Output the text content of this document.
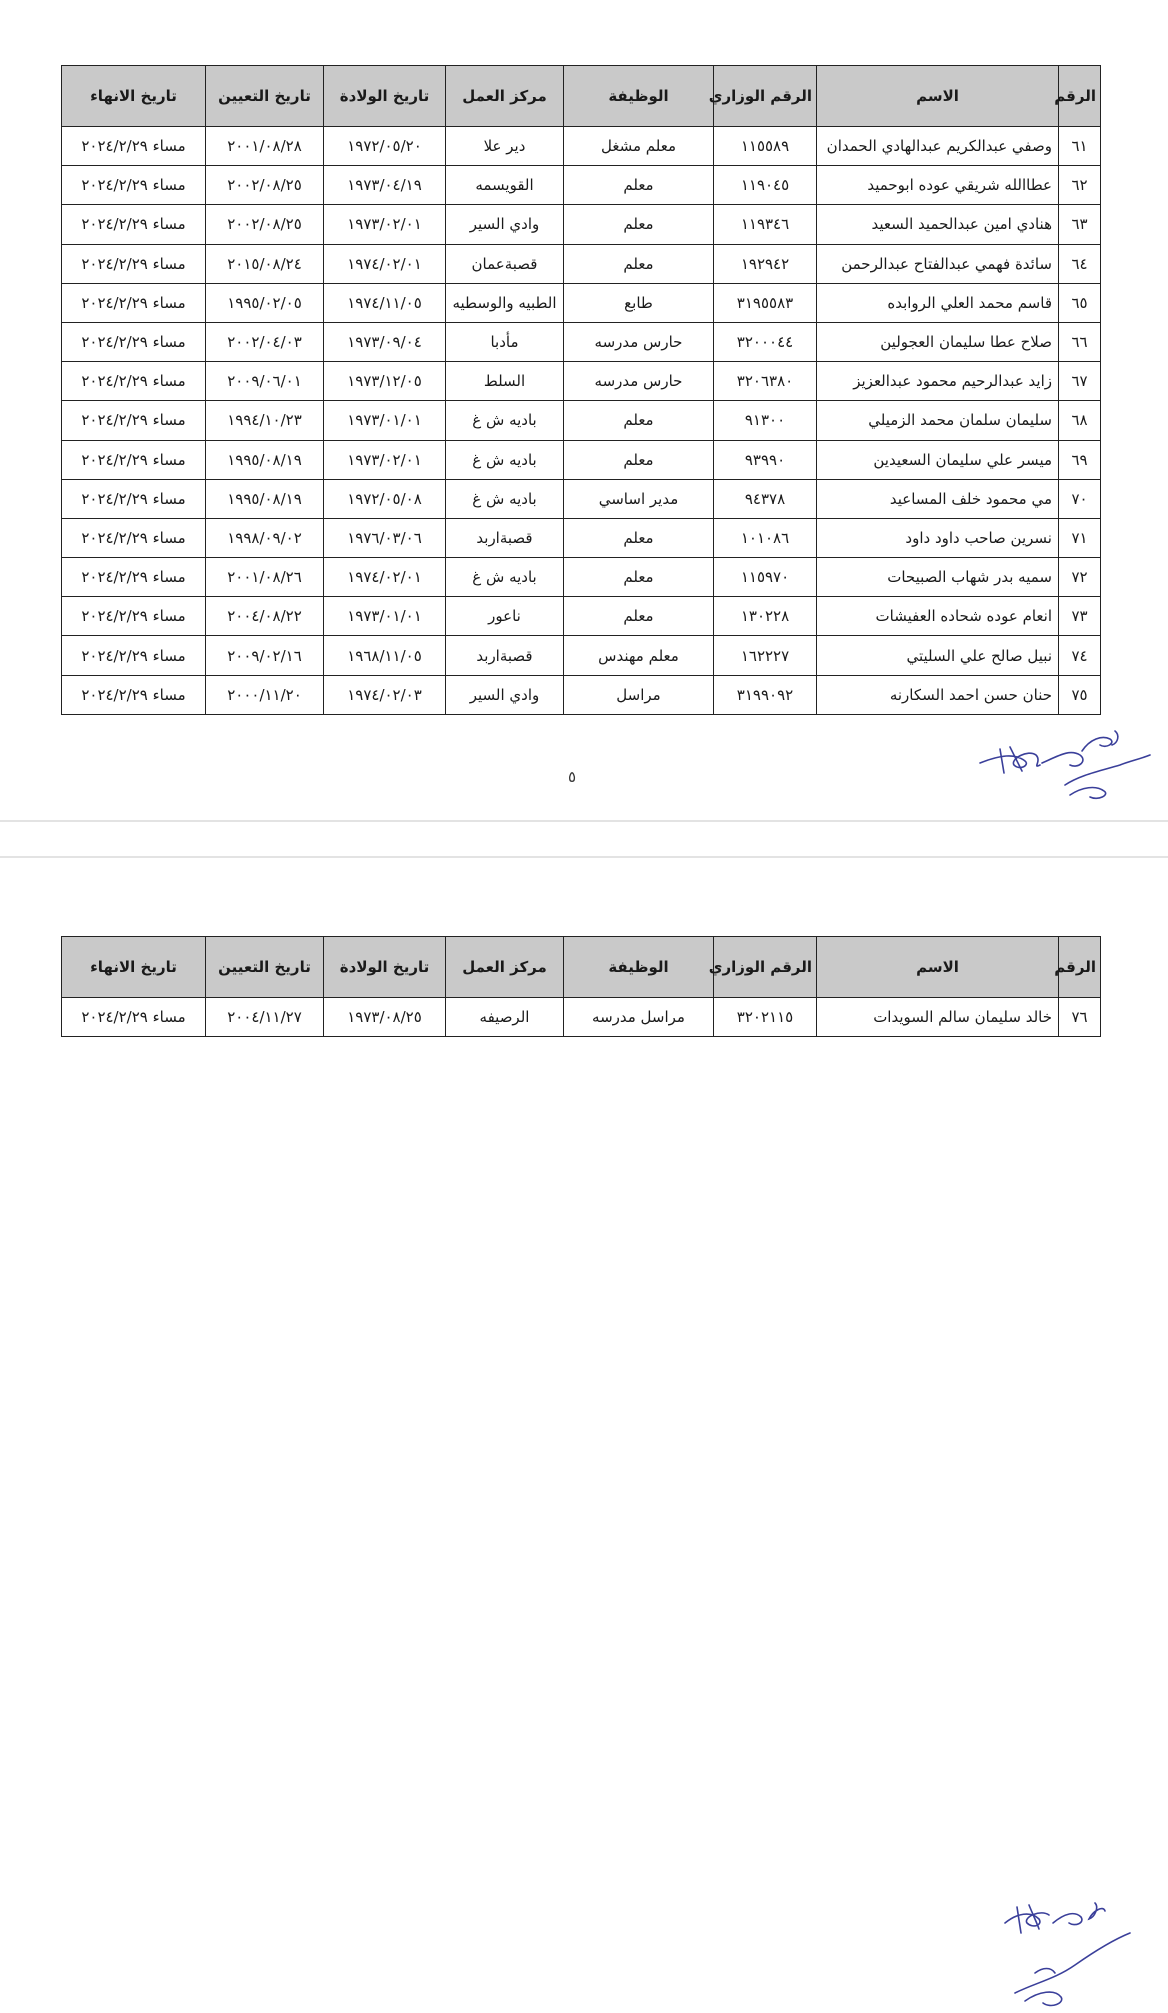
الرقم	الاسم	الرقم الوزاري	الوظيفة	مركز العمل	تاريخ الولادة	تاريخ التعيين	تاريخ الانهاء
٦١	وصفي عبدالكريم عبدالهادي الحمدان	١١٥٥٨٩	معلم مشغل	دير علا	١٩٧٢/٠٥/٢٠	٢٠٠١/٠٨/٢٨	مساء ٢٠٢٤/٢/٢٩
٦٢	عطاالله شريقي عوده ابوحميد	١١٩٠٤٥	معلم	القويسمه	١٩٧٣/٠٤/١٩	٢٠٠٢/٠٨/٢٥	مساء ٢٠٢٤/٢/٢٩
٦٣	هنادي امين عبدالحميد السعيد	١١٩٣٤٦	معلم	وادي السير	١٩٧٣/٠٢/٠١	٢٠٠٢/٠٨/٢٥	مساء ٢٠٢٤/٢/٢٩
٦٤	سائدة فهمي عبدالفتاح عبدالرحمن	١٩٢٩٤٢	معلم	قصبةعمان	١٩٧٤/٠٢/٠١	٢٠١٥/٠٨/٢٤	مساء ٢٠٢٤/٢/٢٩
٦٥	قاسم محمد العلي الروابده	٣١٩٥٥٨٣	طابع	الطبيه والوسطيه	١٩٧٤/١١/٠٥	١٩٩٥/٠٢/٠٥	مساء ٢٠٢٤/٢/٢٩
٦٦	صلاح عطا سليمان العجولين	٣٢٠٠٠٤٤	حارس مدرسه	مأدبا	١٩٧٣/٠٩/٠٤	٢٠٠٢/٠٤/٠٣	مساء ٢٠٢٤/٢/٢٩
٦٧	زايد عبدالرحيم محمود عبدالعزيز	٣٢٠٦٣٨٠	حارس مدرسه	السلط	١٩٧٣/١٢/٠٥	٢٠٠٩/٠٦/٠١	مساء ٢٠٢٤/٢/٢٩
٦٨	سليمان سلمان محمد الزميلي	٩١٣٠٠	معلم	باديه ش غ	١٩٧٣/٠١/٠١	١٩٩٤/١٠/٢٣	مساء ٢٠٢٤/٢/٢٩
٦٩	ميسر علي سليمان السعيدين	٩٣٩٩٠	معلم	باديه ش غ	١٩٧٣/٠٢/٠١	١٩٩٥/٠٨/١٩	مساء ٢٠٢٤/٢/٢٩
٧٠	مي محمود خلف المساعيد	٩٤٣٧٨	مدير اساسي	باديه ش غ	١٩٧٢/٠٥/٠٨	١٩٩٥/٠٨/١٩	مساء ٢٠٢٤/٢/٢٩
٧١	نسرين صاحب داود داود	١٠١٠٨٦	معلم	قصبةاربد	١٩٧٦/٠٣/٠٦	١٩٩٨/٠٩/٠٢	مساء ٢٠٢٤/٢/٢٩
٧٢	سميه بدر شهاب الصبيحات	١١٥٩٧٠	معلم	باديه ش غ	١٩٧٤/٠٢/٠١	٢٠٠١/٠٨/٢٦	مساء ٢٠٢٤/٢/٢٩
٧٣	انعام عوده شحاده العفيشات	١٣٠٢٢٨	معلم	ناعور	١٩٧٣/٠١/٠١	٢٠٠٤/٠٨/٢٢	مساء ٢٠٢٤/٢/٢٩
٧٤	نبيل صالح علي السليتي	١٦٢٢٢٧	معلم مهندس	قصبةاربد	١٩٦٨/١١/٠٥	٢٠٠٩/٠٢/١٦	مساء ٢٠٢٤/٢/٢٩
٧٥	حنان حسن احمد السكارنه	٣١٩٩٠٩٢	مراسل	وادي السير	١٩٧٤/٠٢/٠٣	٢٠٠٠/١١/٢٠	مساء ٢٠٢٤/٢/٢٩
٥
الرقم	الاسم	الرقم الوزاري	الوظيفة	مركز العمل	تاريخ الولادة	تاريخ التعيين	تاريخ الانهاء
٧٦	خالد سليمان سالم السويدات	٣٢٠٢١١٥	مراسل مدرسه	الرصيفه	١٩٧٣/٠٨/٢٥	٢٠٠٤/١١/٢٧	مساء ٢٠٢٤/٢/٢٩
